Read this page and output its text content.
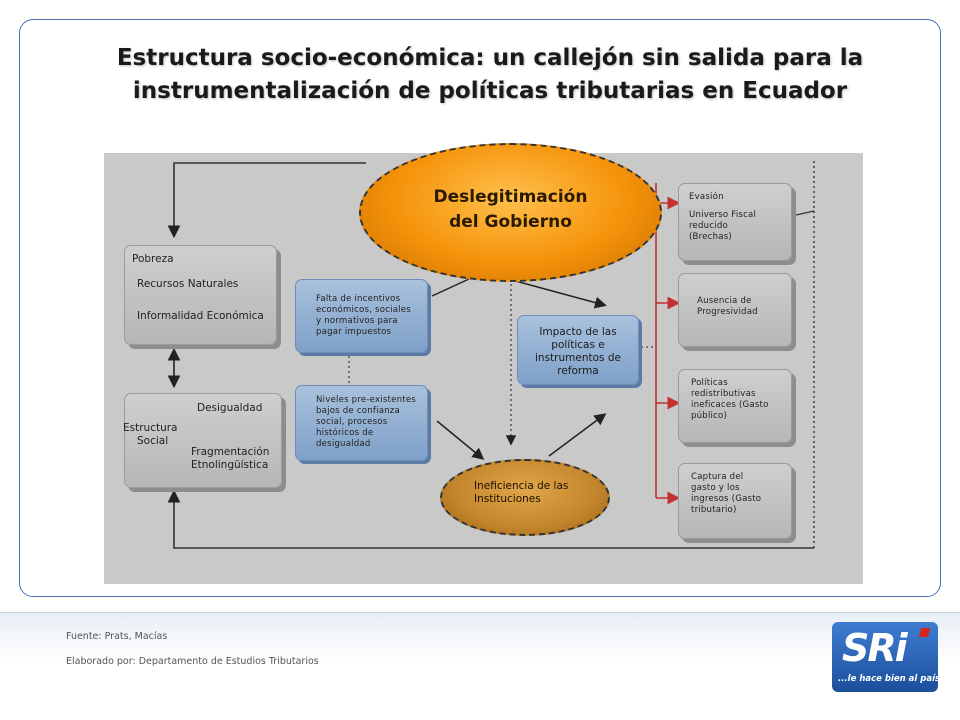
Estructura socio-económica: un callejón sin salida para la
instrumentalización de políticas tributarias en Ecuador
Deslegitimación
del Gobierno
Pobreza
Recursos Naturales
Informalidad Económica
Desigualdad
Estructura
Social
Fragmentación
Etnolingüística
Falta de incentivos
económicos, sociales
y normativos para
pagar impuestos
Niveles pre-existentes
bajos de confianza
social, procesos
históricos de
desigualdad
Impacto de las
políticas e
instrumentos de
reforma
Ineficiencia de las
Instituciones
Evasión
Universo Fiscal
reducido
(Brechas)
Ausencia de
Progresividad
Políticas
redistributivas
ineficaces (Gasto
público)
Captura del
gasto y los
ingresos (Gasto
tributario)
Fuente: Prats, Macías
Elaborado por: Departamento de Estudios Tributarios	SRi
...le hace bien al país!
